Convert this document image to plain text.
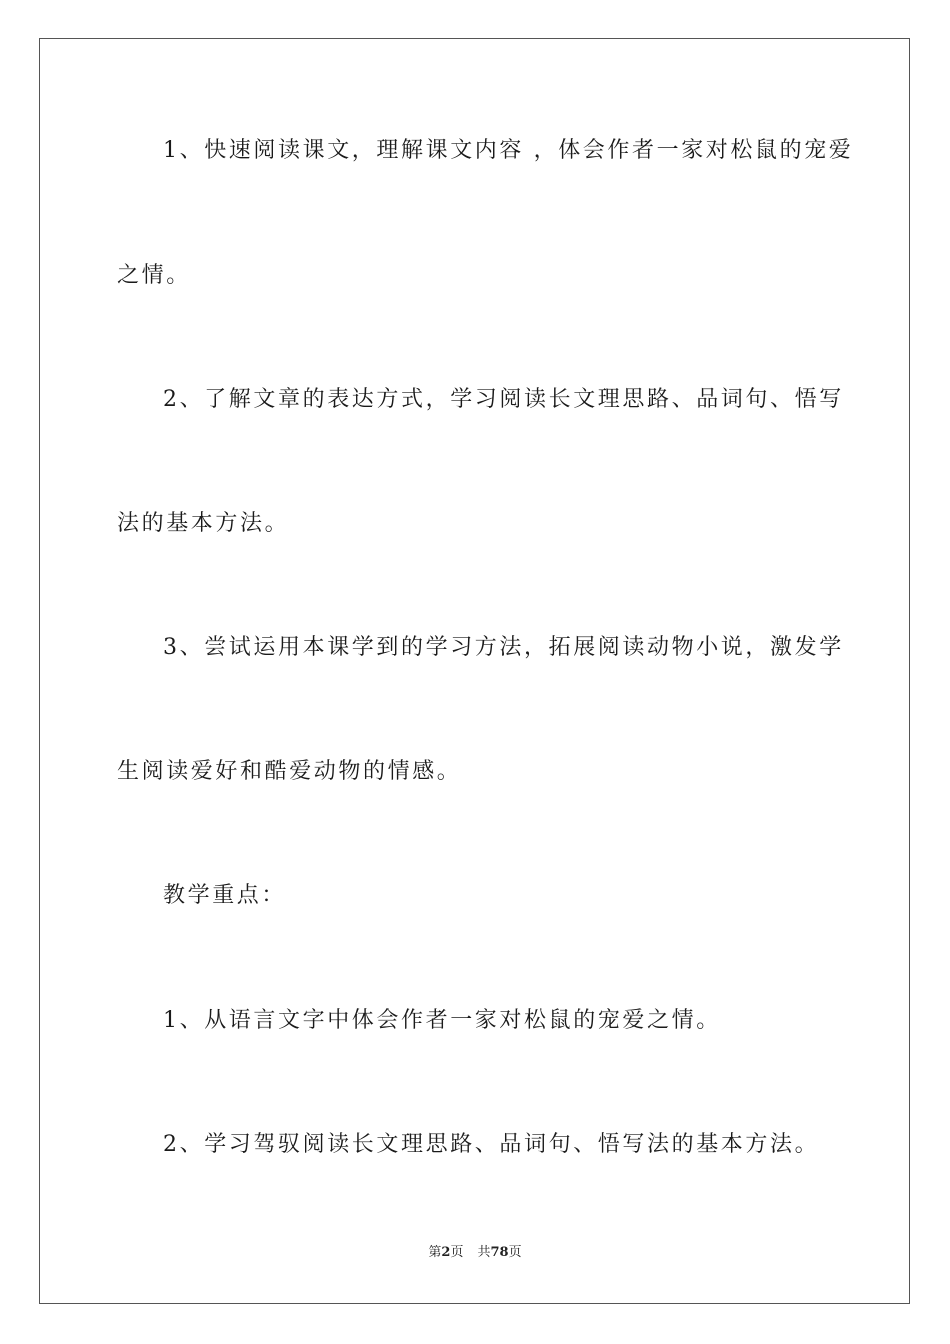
1、快速阅读课文，理解课文内容 ，体会作者一家对松鼠的宠爱
之情。
2、了解文章的表达方式，学习阅读长文理思路、品词句、悟写
法的基本方法。
3、尝试运用本课学到的学习方法，拓展阅读动物小说，激发学
生阅读爱好和酷爱动物的情感。
教学重点：
1、从语言文字中体会作者一家对松鼠的宠爱之情。
2、学习驾驭阅读长文理思路、品词句、悟写法的基本方法。
第2页 共78页
